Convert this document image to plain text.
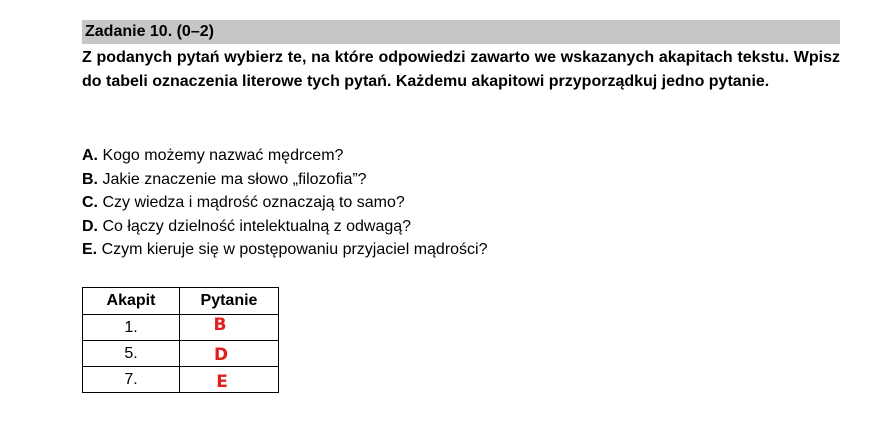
Zadanie 10. (0–2)
Z podanych pytań wybierz te, na które odpowiedzi zawarto we wskazanych akapitach tekstu. Wpisz do tabeli oznaczenia literowe tych pytań. Każdemu akapitowi przyporządkuj jedno pytanie.
A. Kogo możemy nazwać mędrcem?
B. Jakie znaczenie ma słowo „filozofia”?
C. Czy wiedza i mądrość oznaczają to samo?
D. Co łączy dzielność intelektualną z odwagą?
E. Czym kieruje się w postępowaniu przyjaciel mądrości?
Akapit	Pytanie
1.	B
5.	D
7.	E
